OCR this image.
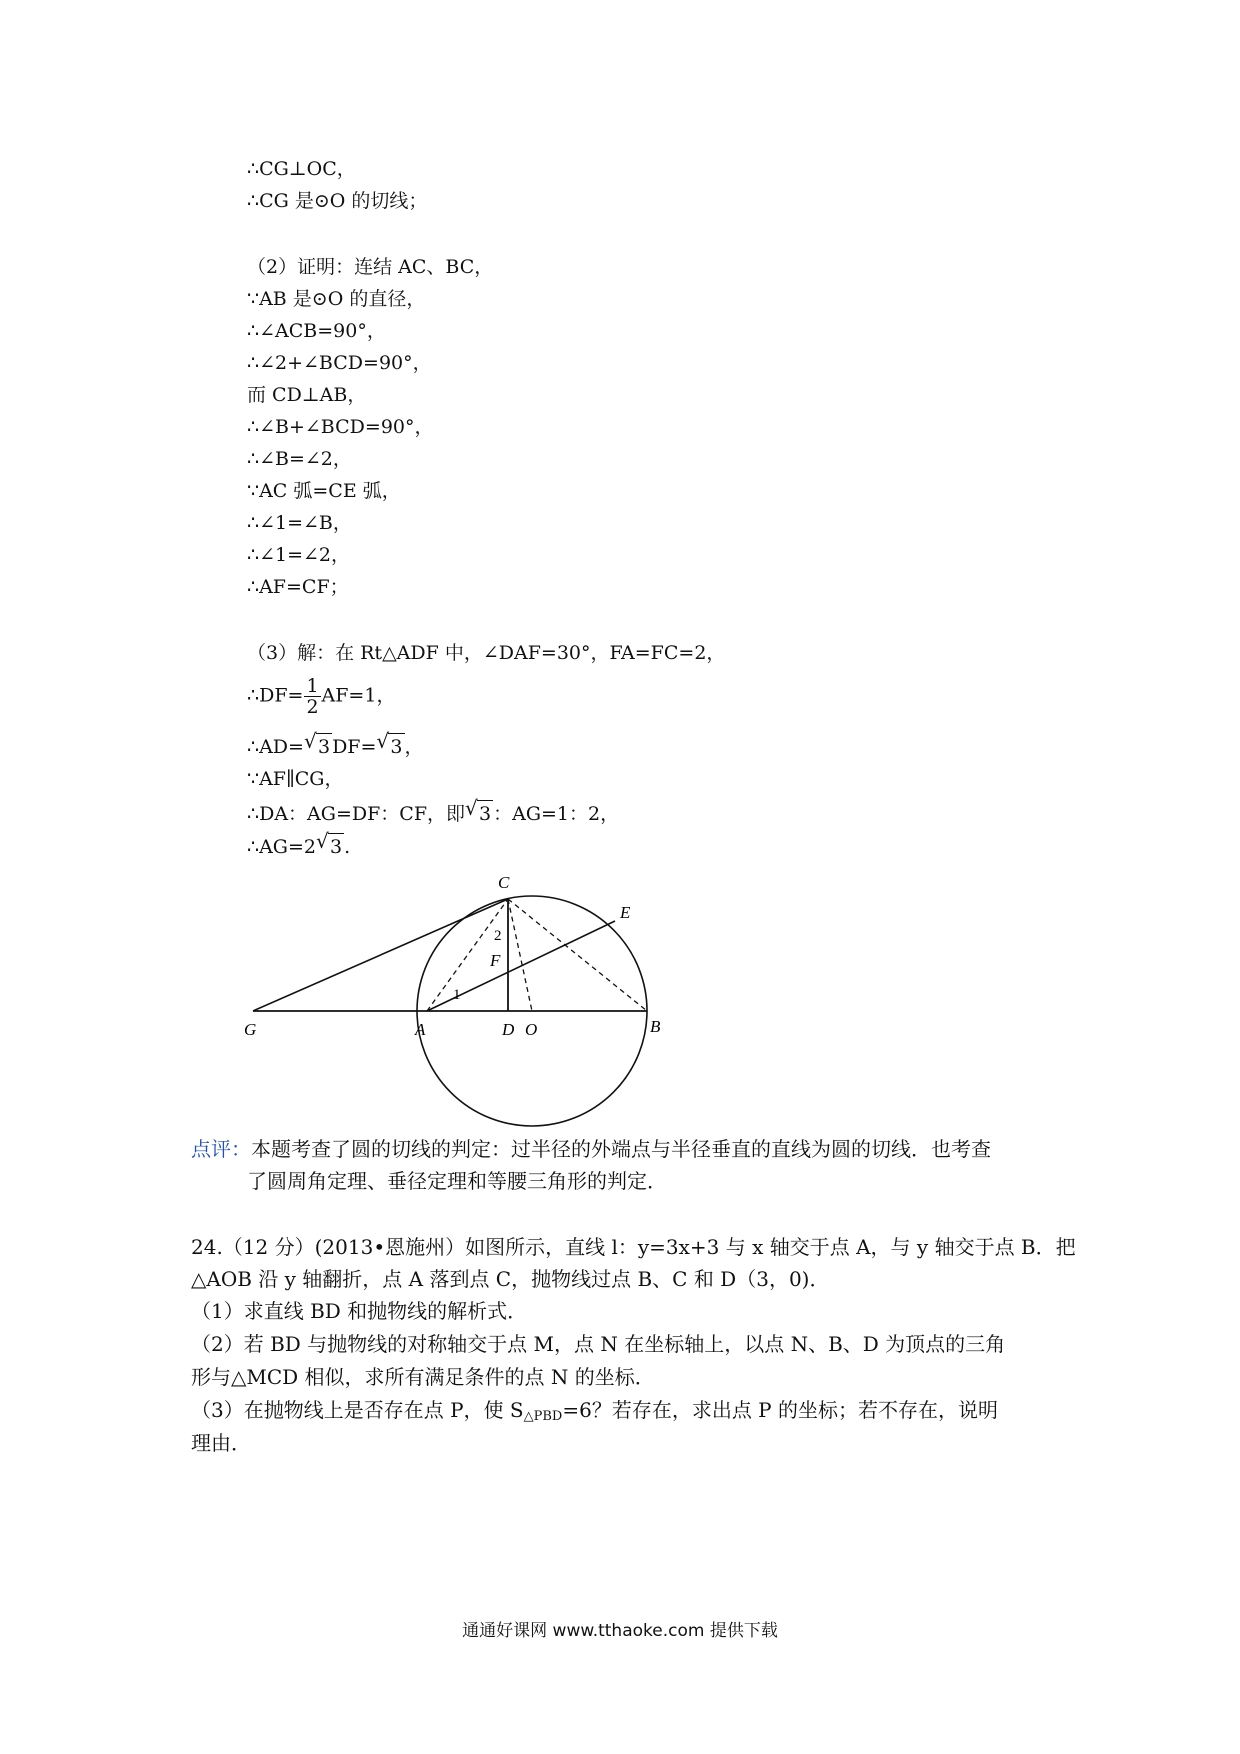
∴CG⊥OC，
∴CG 是⊙O 的切线；
（2）证明：连结 AC、BC，
∵AB 是⊙O 的直径，
∴∠ACB=90°，
∴∠2+∠BCD=90°，
而 CD⊥AB，
∴∠B+∠BCD=90°，
∴∠B=∠2，
∵AC 弧=CE 弧，
∴∠1=∠B，
∴∠1=∠2，
∴AF=CF；
（3）解：在 Rt△ADF 中，∠DAF=30°，FA=FC=2，
∴DF= $\frac{1}{2} AF=1$，
∴AD= √ 3 DF= √ 3 ，
∵AF∥CG，
∴DA：AG=DF：CF，即 √ 3 ：AG=1：2，
∴AG=2 √ 3 .
C
E
F
2
1
G	A	D O	B
点评：本题考查了圆的切线的判定：过半径的外端点与半径垂直的直线为圆的切线．也考查
了圆周角定理、垂径定理和等腰三角形的判定．
24.（12 分）(2013•恩施州）如图所示，直线 l：y=3x+3 与 x 轴交于点 A，与 y 轴交于点 B．把
△AOB 沿 y 轴翻折，点 A 落到点 C，抛物线过点 B、C 和 D（3，0)．
（1）求直线 BD 和抛物线的解析式．
（2）若 BD 与抛物线的对称轴交于点 M，点 N 在坐标轴上，以点 N、B、D 为顶点的三角
形与△MCD 相似，求所有满足条件的点 N 的坐标．
（3）在抛物线上是否存在点 P，使 $S_{\triangle PBD}=6$？若存在，求出点 P 的坐标；若不存在，说明
理由．
通通好课网 www.tthaoke.com 提供下载
